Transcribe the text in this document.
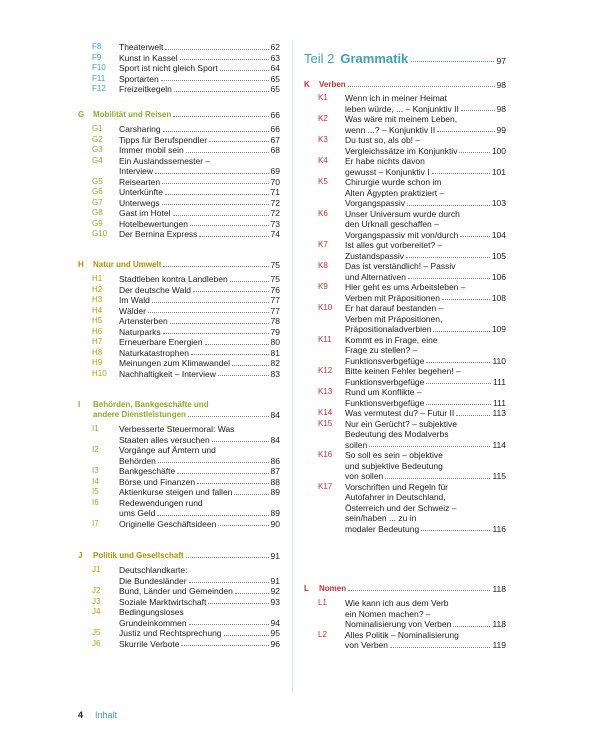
F8	Theaterwelt	62
F9	Kunst in Kassel	63
F10	Sport ist nicht gleich Sport	64
F11	Sportarten	65
F12	Freizeitkegeln	65
G	Mobilität und Reisen	66
G1	Carsharing	66
G2	Tipps für Berufspendler	67
G3	Immer mobil sein	68
G4	Ein Auslandssemester –
Interview	69
G5	Reisearten	70
G6	Unterkünfte	71
G7	Unterwegs	72
G8	Gast im Hotel	72
G9	Hotelbewertungen	73
G10	Der Bernina Express	74
H	Natur und Umwelt	75
H1	Stadtleben kontra Landleben	75
H2	Der deutsche Wald	76
H3	Im Wald	77
H4	Wälder	77
H5	Artensterben	78
H6	Naturparks	79
H7	Erneuerbare Energien	80
H8	Naturkatastrophen	81
H9	Meinungen zum Klimawandel	82
H10	Nachhaltigkeit – Interview	83
I	Behörden, Bankgeschäfte und
andere Dienstleistungen	84
I1	Verbesserte Steuermoral: Was
Staaten alles versuchen	84
I2	Vorgänge auf Ämtern und
Behörden	86
I3	Bankgeschäfte	87
I4	Börse und Finanzen	88
I5	Aktienkurse steigen und fallen	89
I6	Redewendungen rund
ums Geld	89
I7	Originelle Geschäftsideen	90
J	Politik und Gesellschaft	91
J1	Deutschlandkarte:
Die Bundesländer	91
J2	Bund, Länder und Gemeinden	92
J3	Soziale Marktwirtschaft	93
J4	Bedingungsloses
Grundeinkommen	94
J5	Justiz und Rechtsprechung	95
J6	Skurrile Verbote	96
Teil 2 Grammatik	97
K	Verben	98
K1	Wenn ich in meiner Heimat
leben würde, ... – Konjunktiv II	98
K2	Was wäre mit meinem Leben,
wenn ...? – Konjunktiv II	99
K3	Du tust so, als ob! –
Vergleichssätze im Konjunktiv	100
K4	Er habe nichts davon
gewusst – Konjunktiv I	101
K5	Chirurgie wurde schon im
Alten Ägypten praktiziert –
Vorgangspassiv	103
K6	Unser Universum wurde durch
den Urknall geschaffen –
Vorgangspassiv mit von/durch	104
K7	Ist alles gut vorbereitet? –
Zustandspassiv	105
K8	Das ist verständlich! – Passiv
und Alternativen	106
K9	Hier geht es ums Arbeitsleben –
Verben mit Präpositionen	108
K10	Er hat darauf bestanden –
Verben mit Präpositionen,
Präpositionaladverbien	109
K11	Kommt es in Frage, eine
Frage zu stellen? –
Funktionsverbgefüge	110
K12	Bitte keinen Fehler begehen! –
Funktionsverbgefüge	111
K13	Rund um Konflikte –
Funktionsverbgefüge	111
K14	Was vermutest du? – Futur II	113
K15	Nur ein Gerücht? – subjektive
Bedeutung des Modalverbs
sollen	114
K16	So soll es sein – objektive
und subjektive Bedeutung
von sollen	115
K17	Vorschriften und Regeln für
Autofahrer in Deutschland,
Österreich und der Schweiz –
sein/haben ... zu in
modaler Bedeutung	116
L	Nomen	118
L1	Wie kann ich aus dem Verb
ein Nomen machen? –
Nominalisierung von Verben	118
L2	Alles Politik – Nominalisierung
von Verben	119
4 Inhalt
